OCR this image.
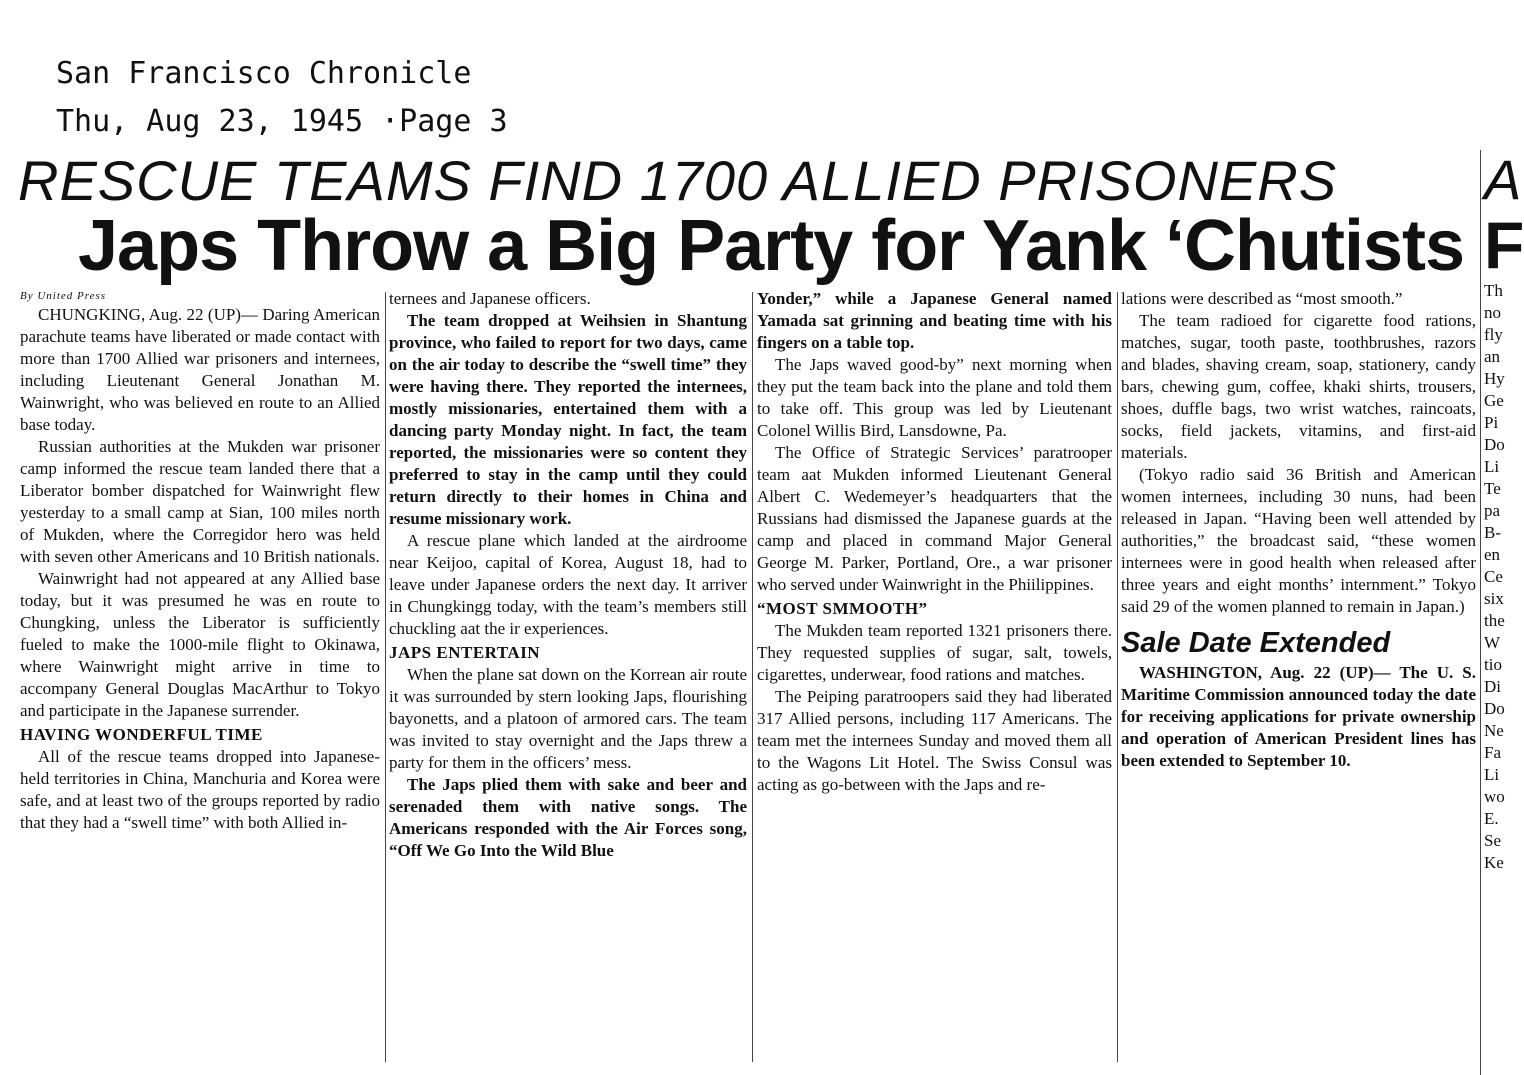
San Francisco Chronicle
Thu, Aug 23, 1945 ·Page 3
RESCUE TEAMS FIND 1700 ALLIED PRISONERS
Japs Throw a Big Party for Yank ‘Chutists
By United Press

CHUNGKING, Aug. 22 (UP)— Daring American parachute teams have liberated or made contact with more than 1700 Allied war prisoners and internees, including Lieutenant General Jonathan M. Wainwright, who was believed en route to an Allied base today.

Russian authorities at the Mukden war prisoner camp informed the rescue team landed there that a Liberator bomber dispatched for Wainwright flew yesterday to a small camp at Sian, 100 miles north of Mukden, where the Corregidor hero was held with seven other Americans and 10 British nationals.

Wainwright had not appeared at any Allied base today, but it was presumed he was en route to Chungking, unless the Liberator is sufficiently fueled to make the 1000-mile flight to Okinawa, where Wainwright might arrive in time to accompany General Douglas MacArthur to Tokyo and participate in the Japanese surrender.

HAVING WONDERFUL TIME

All of the rescue teams dropped into Japanese-held territories in China, Manchuria and Korea were safe, and at least two of the groups reported by radio that they had a “swell time” with both Allied in-

ternees and Japanese officers.

The team dropped at Weihsien in Shantung province, who failed to report for two days, came on the air today to describe the “swell time” they were having there. They reported the internees, mostly missionaries, entertained them with a dancing party Monday night. In fact, the team reported, the missionaries were so content they preferred to stay in the camp until they could return directly to their homes in China and resume missionary work.

A rescue plane which landed at the airdroome near Keijoo, capital of Korea, August 18, had to leave under Japanese orders the next day. It arriver in Chungkingg today, with the team’s members still chuckling aat the ir experiences.

JAPS ENTERTAIN

When the plane sat down on the Korrean air route it was surrounded by stern looking Japs, flourishing bayonetts, and a platoon of armored cars. The team was invited to stay overnight and the Japs threw a party for them in the officers’ mess.

The Japs plied them with sake and beer and serenaded them with native songs. The Americans responded with the Air Forces song, “Off We Go Into the Wild Blue

Yonder,” while a Japanese General named Yamada sat grinning and beating time with his fingers on a table top.

The Japs waved good-by” next morning when they put the team back into the plane and told them to take off. This group was led by Lieutenant Colonel Willis Bird, Lansdowne, Pa.

The Office of Strategic Services’ paratrooper team aat Mukden informed Lieutenant General Albert C. Wedemeyer’s headquarters that the Russians had dismissed the Japanese guards at the camp and placed in command Major General George M. Parker, Portland, Ore., a war prisoner who served under Wainwright in the Phiilippines.

“MOST SMMOOTH”

The Mukden team reported 1321 prisoners there. They requested supplies of sugar, salt, towels, cigarettes, underwear, food rations and matches.

The Peiping paratroopers said they had liberated 317 Allied persons, including 117 Americans. The team met the internees Sunday and moved them all to the Wagons Lit Hotel. The Swiss Consul was acting as go-between with the Japs and re-

lations were described as “most smooth.”

The team radioed for cigarette food rations, matches, sugar, tooth paste, toothbrushes, razors and blades, shaving cream, soap, stationery, candy bars, chewing gum, coffee, khaki shirts, trousers, shoes, duffle bags, two wrist watches, raincoats, socks, field jackets, vitamins, and first-aid materials.

(Tokyo radio said 36 British and American women internees, including 30 nuns, had been released in Japan. “Having been well attended by authorities,” the broadcast said, “these women internees were in good health when released after three years and eight months’ internment.” Tokyo said 29 of the women planned to remain in Japan.)

Sale Date Extended

WASHINGTON, Aug. 22 (UP)— The U. S. Maritime Commission announced today the date for receiving applications for private ownership and operation of American President lines has been extended to September 10.

A
F
Th
no
fly
an
Hy
Ge
Pi
Do
Li
Te
pa
B-
en
Ce
six
the
W
tio
Di
Do
Ne
Fa
Li
wo
E.
Se
Ke
